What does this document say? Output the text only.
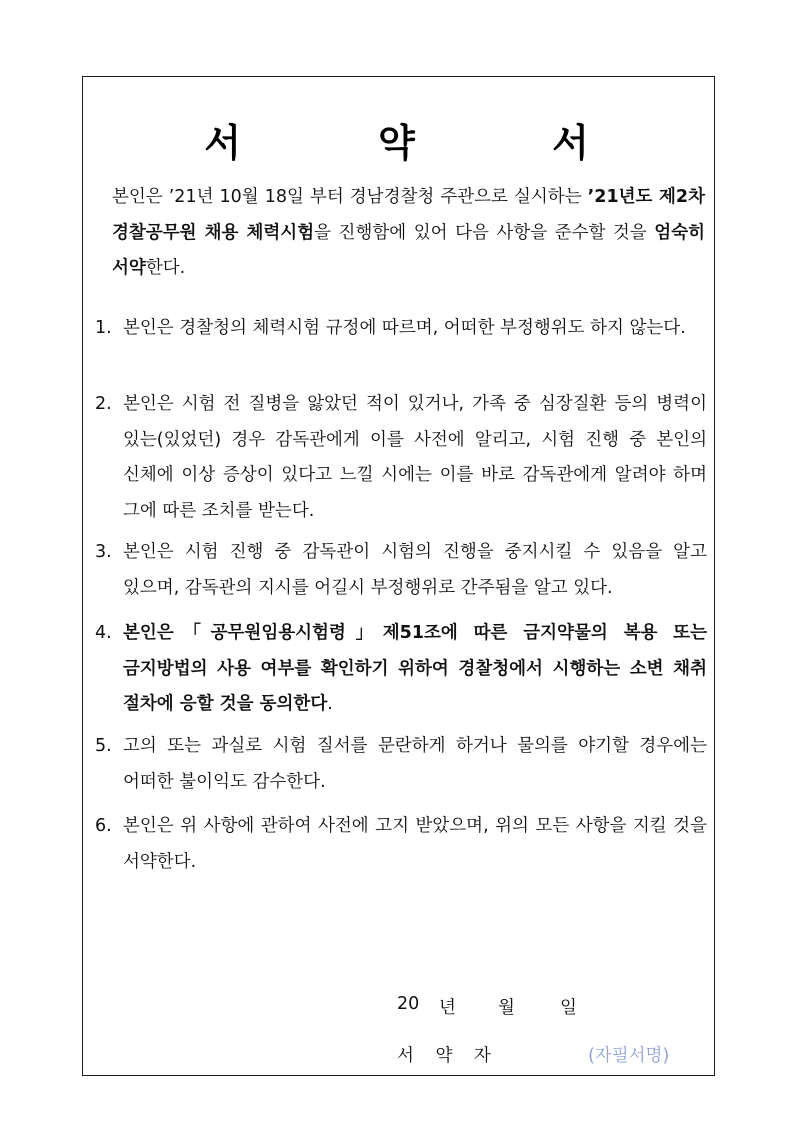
서 약 서
본인은 ’21년 10월 18일 부터 경남경찰청 주관으로 실시하는 ’21년도 제2차 경찰공무원 채용 체력시험을 진행함에 있어 다음 사항을 준수할 것을 엄숙히 서약한다.
1. 본인은 경찰청의 체력시험 규정에 따르며, 어떠한 부정행위도 하지 않는다.
2. 본인은 시험 전 질병을 앓았던 적이 있거나, 가족 중 심장질환 등의 병력이 있는(있었던) 경우 감독관에게 이를 사전에 알리고, 시험 진행 중 본인의 신체에 이상 증상이 있다고 느낄 시에는 이를 바로 감독관에게 알려야 하며 그에 따른 조치를 받는다.
3. 본인은 시험 진행 중 감독관이 시험의 진행을 중지시킬 수 있음을 알고 있으며, 감독관의 지시를 어길시 부정행위로 간주됨을 알고 있다.
4. 본인은「공무원임용시험령」제51조에 따른 금지약물의 복용 또는 금지방법의 사용 여부를 확인하기 위하여 경찰청에서 시행하는 소변 채취 절차에 응할 것을 동의한다.
5. 고의 또는 과실로 시험 질서를 문란하게 하거나 물의를 야기할 경우에는 어떠한 불이익도 감수한다.
6. 본인은 위 사항에 관하여 사전에 고지 받았으며, 위의 모든 사항을 지킬 것을 서약한다.
20 년 월	일
서 약 자	(자필서명)
